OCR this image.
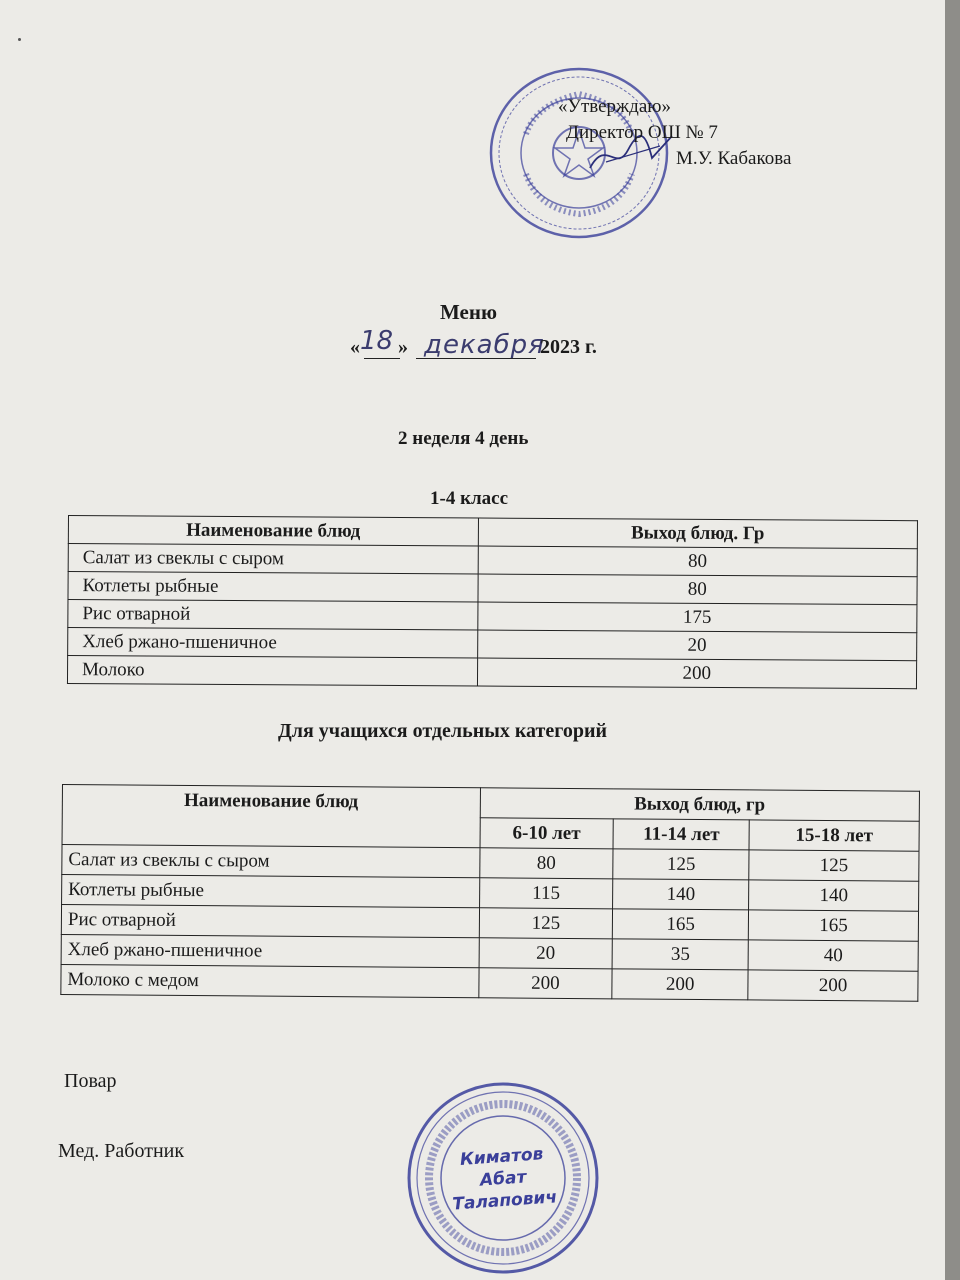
«Утверждаю»
Директор ОШ № 7
М.У. Кабакова
Меню
« 18 » декабря
2023 г.
2 неделя 4 день
1-4 класс
Наименование блюд	Выход блюд. Гр
Салат из свеклы с сыром	80
Котлеты рыбные	80
Рис отварной	175
Хлеб ржано-пшеничное	20
Молоко	200
Для учащихся отдельных категорий
Наименование блюд	Выход блюд, гр		
	6-10 лет	11-14 лет	15-18 лет
Салат из свеклы с сыром	80	125	125
Котлеты рыбные	115	140	140
Рис отварной	125	165	165
Хлеб ржано-пшеничное	20	35	40
Молоко с медом	200	200	200
Повар
Мед. Работник	Киматов
Абат
Талапович
